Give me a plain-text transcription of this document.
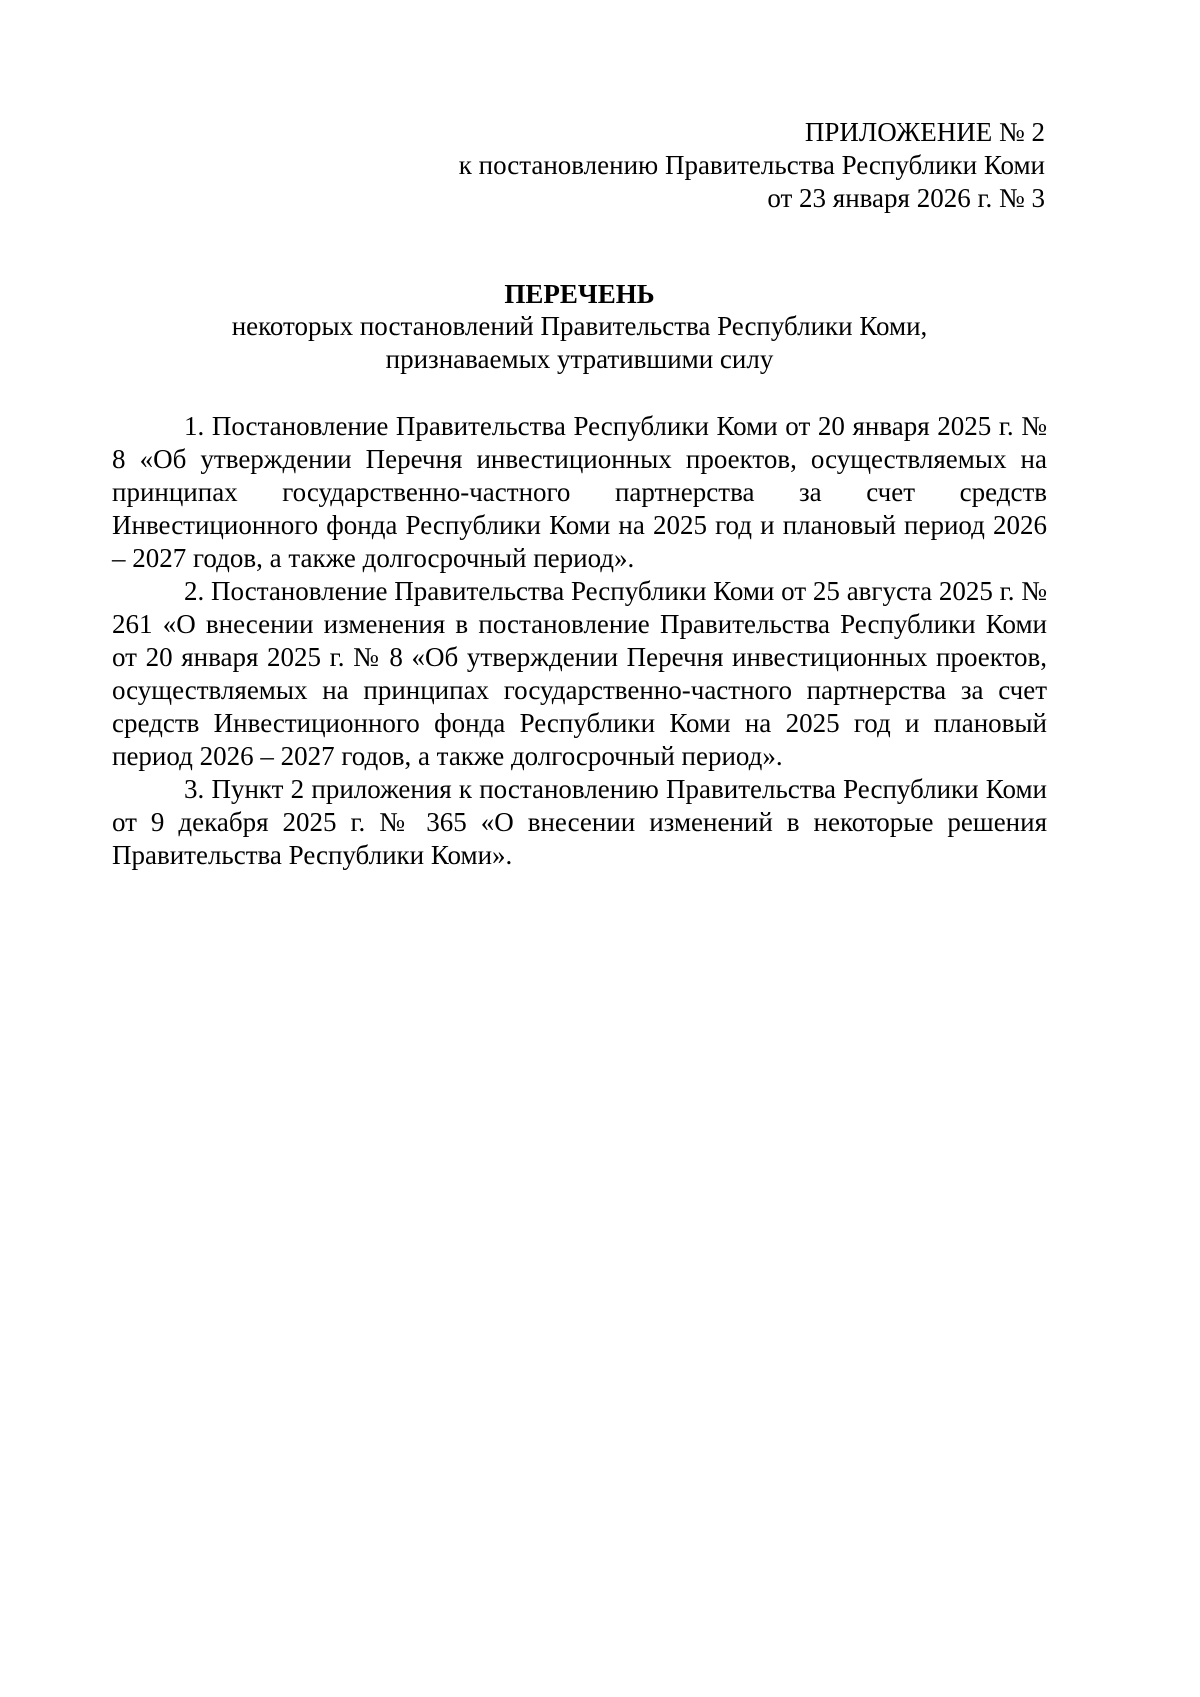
ПРИЛОЖЕНИЕ № 2
к постановлению Правительства Республики Коми
от 23 января 2026 г. № 3
ПЕРЕЧЕНЬ
некоторых постановлений Правительства Республики Коми,
признаваемых утратившими силу

1. Постановление Правительства Республики Коми от 20 января 2025 г. № 8 «Об утверждении Перечня инвестиционных проектов, осуществляемых на принципах государственно-частного партнерства за счет средств Инвестиционного фонда Республики Коми на 2025 год и плановый период 2026 – 2027 годов, а также долгосрочный период».

2. Постановление Правительства Республики Коми от 25 августа 2025 г. № 261 «О внесении изменения в постановление Правительства Республики Коми от 20 января 2025 г. № 8 «Об утверждении Перечня инвестиционных проектов, осуществляемых на принципах государственно-частного партнерства за счет средств Инвестиционного фонда Республики Коми на 2025 год и плановый период 2026 – 2027 годов, а также долгосрочный период».

3. Пункт 2 приложения к постановлению Правительства Республики Коми от 9 декабря 2025 г. № 365 «О внесении изменений в некоторые решения Правительства Республики Коми».
